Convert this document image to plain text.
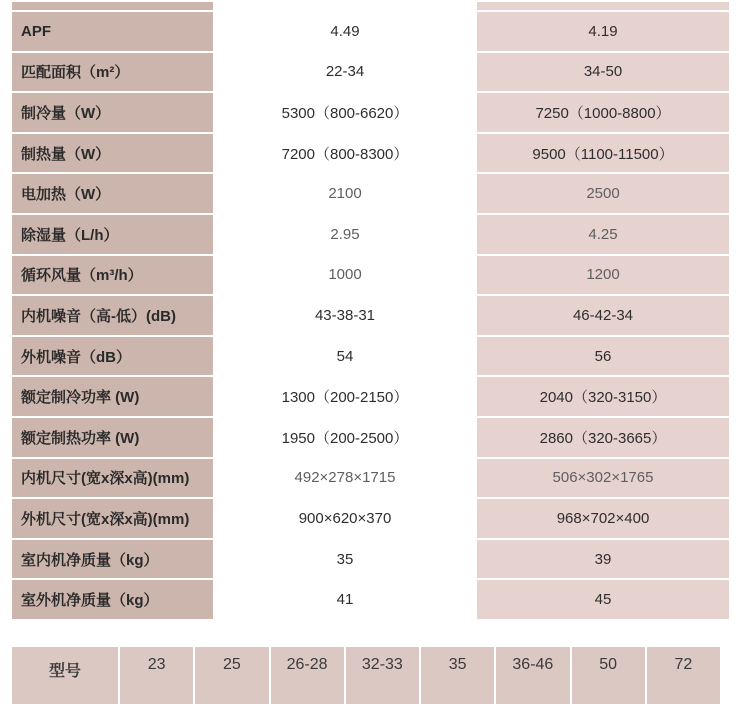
APF	4.49	4.19
匹配面积（m²）	22-34	34-50
制冷量（W）	5300（800-6620）	7250（1000-8800）
制热量（W）	7200（800-8300）	9500（1100-11500）
电加热（W）	2100	2500
除湿量（L/h）	2.95	4.25
循环风量（m³/h）	1000	1200
内机噪音（高-低）(dB)	43-38-31	46-42-34
外机噪音（dB）	54	56
额定制冷功率 (W)	1300（200-2150）	2040（320-3150）
额定制热功率 (W)	1950（200-2500）	2860（320-3665）
内机尺寸(宽x深x高)(mm)	492×278×1715	506×302×1765
外机尺寸(宽x深x高)(mm)	900×620×370	968×702×400
室内机净质量（kg）	35	39
室外机净质量（kg）	41	45
型号	23	25	26-28	32-33	35	36-46	50	72
